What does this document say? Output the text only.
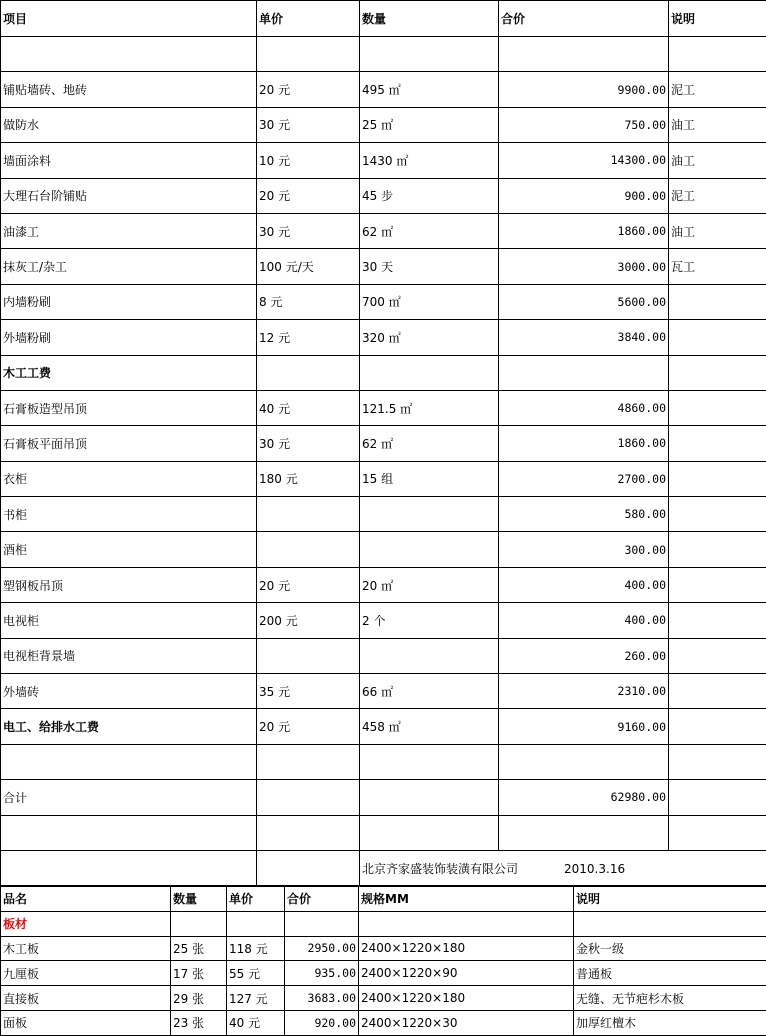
项目	单价	数量	合价	说明

铺贴墙砖、地砖	20 元	495 ㎡	9900.00	泥工
做防水	30 元	25 ㎡	750.00	油工
墙面涂料	10 元	1430 ㎡	14300.00	油工
大理石台阶铺贴	20 元	45 步	900.00	泥工
油漆工	30 元	62 ㎡	1860.00	油工
抹灰工/杂工	100 元/天	30 天	3000.00	瓦工
内墙粉刷	8 元	700 ㎡	5600.00	
外墙粉刷	12 元	320 ㎡	3840.00	
木工工费				
石膏板造型吊顶	40 元	121.5 ㎡	4860.00	
石膏板平面吊顶	30 元	62 ㎡	1860.00	
衣柜	180 元	15 组	2700.00	
书柜			580.00	
酒柜			300.00	
塑钢板吊顶	20 元	20 ㎡	400.00	
电视柜	200 元	2 个	400.00	
电视柜背景墙			260.00	
外墙砖	35 元	66 ㎡	2310.00	
电工、给排水工费	20 元	458 ㎡	9160.00	

合计			62980.00	

		北京齐家盛装饰装潢有限公司 2010.3.16		
品名	数量	单价	合价	规格MM	说明
板材					
木工板	25 张	118 元	2950.00	2400×1220×180	金秋一级
九厘板	17 张	55 元	935.00	2400×1220×90	普通板
直接板	29 张	127 元	3683.00	2400×1220×180	无缝、无节疤杉木板
面板	23 张	40 元	920.00	2400×1220×30	加厚红檀木
